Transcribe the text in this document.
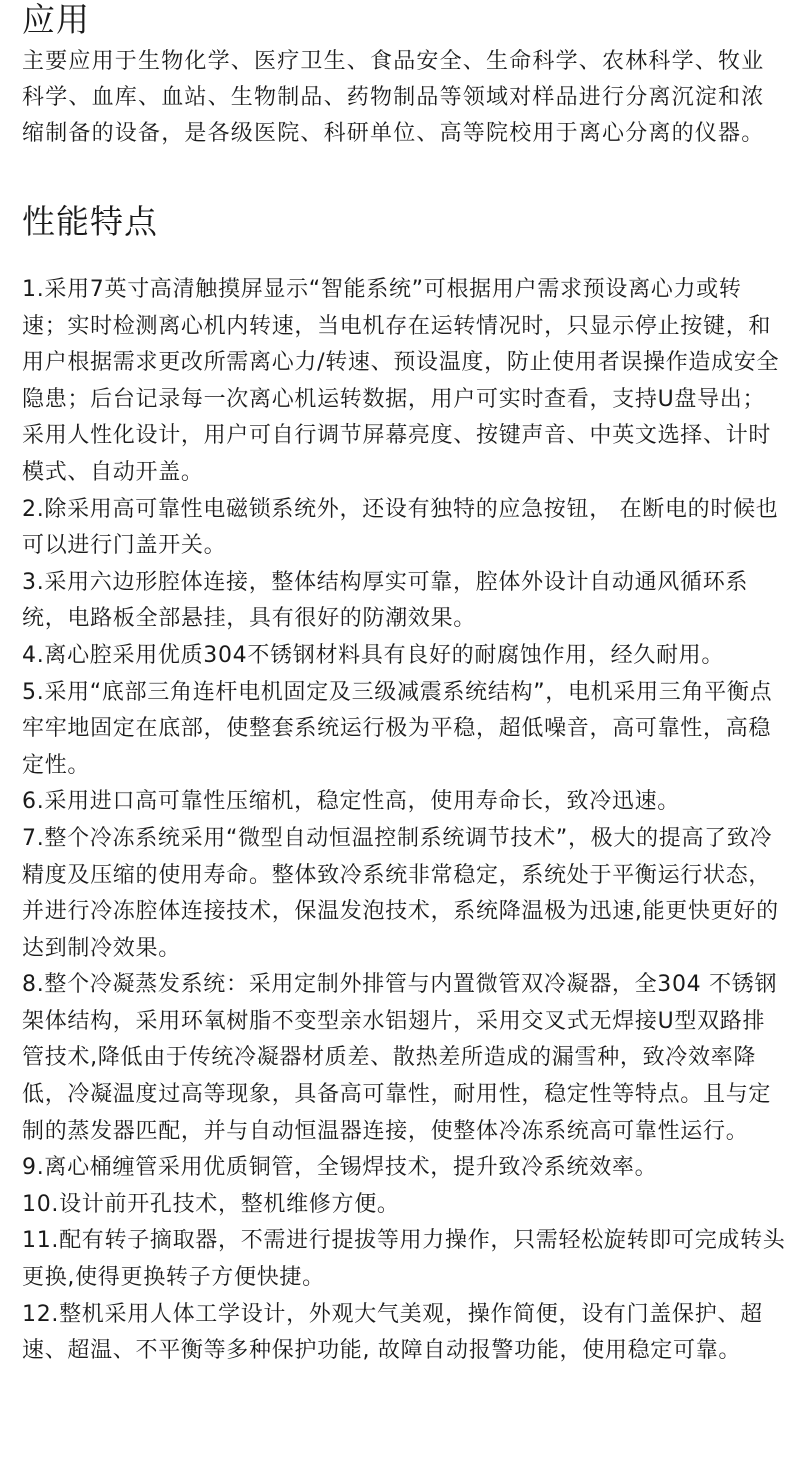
应用

主要应用于生物化学、医疗卫生、食品安全、生命科学、农林科学、牧业科学、血库、血站、生物制品、药物制品等领域对样品进行分离沉淀和浓缩制备的设备，是各级医院、科研单位、高等院校用于离心分离的仪器。

性能特点
1.采用7英寸高清触摸屏显示“智能系统”可根据用户需求预设离心力或转速；实时检测离心机内转速，当电机存在运转情况时，只显示停止按键，和用户根据需求更改所需离心力/转速、预设温度，防止使用者误操作造成安全隐患；后台记录每一次离心机运转数据，用户可实时查看，支持U盘导出；采用人性化设计，用户可自行调节屏幕亮度、按键声音、中英文选择、计时模式、自动开盖。
2.除采用高可靠性电磁锁系统外，还设有独特的应急按钮， 在断电的时候也可以进行门盖开关。
3.采用六边形腔体连接，整体结构厚实可靠，腔体外设计自动通风循环系统，电路板全部悬挂，具有很好的防潮效果。
4.离心腔采用优质304不锈钢材料具有良好的耐腐蚀作用，经久耐用。
5.采用“底部三角连杆电机固定及三级减震系统结构”，电机采用三角平衡点牢牢地固定在底部，使整套系统运行极为平稳，超低噪音，高可靠性，高稳定性。
6.采用进口高可靠性压缩机，稳定性高，使用寿命长，致冷迅速。
7.整个冷冻系统采用“微型自动恒温控制系统调节技术”，极大的提高了致冷精度及压缩的使用寿命。整体致冷系统非常稳定，系统处于平衡运行状态，并进行冷冻腔体连接技术，保温发泡技术，系统降温极为迅速,能更快更好的达到制冷效果。
8.整个冷凝蒸发系统：采用定制外排管与内置微管双冷凝器，全304 不锈钢架体结构，采用环氧树脂不变型亲水铝翅片，采用交叉式无焊接U型双路排管技术,降低由于传统冷凝器材质差、散热差所造成的漏雪种，致冷效率降低，冷凝温度过高等现象，具备高可靠性，耐用性，稳定性等特点。且与定制的蒸发器匹配，并与自动恒温器连接，使整体冷冻系统高可靠性运行。
9.离心桶缠管采用优质铜管，全锡焊技术，提升致冷系统效率。
10.设计前开孔技术，整机维修方便。
11.配有转子摘取器，不需进行提拔等用力操作，只需轻松旋转即可完成转头更换,使得更换转子方便快捷。
12.整机采用人体工学设计，外观大气美观，操作简便，设有门盖保护、超速、超温、不平衡等多种保护功能, 故障自动报警功能，使用稳定可靠。
